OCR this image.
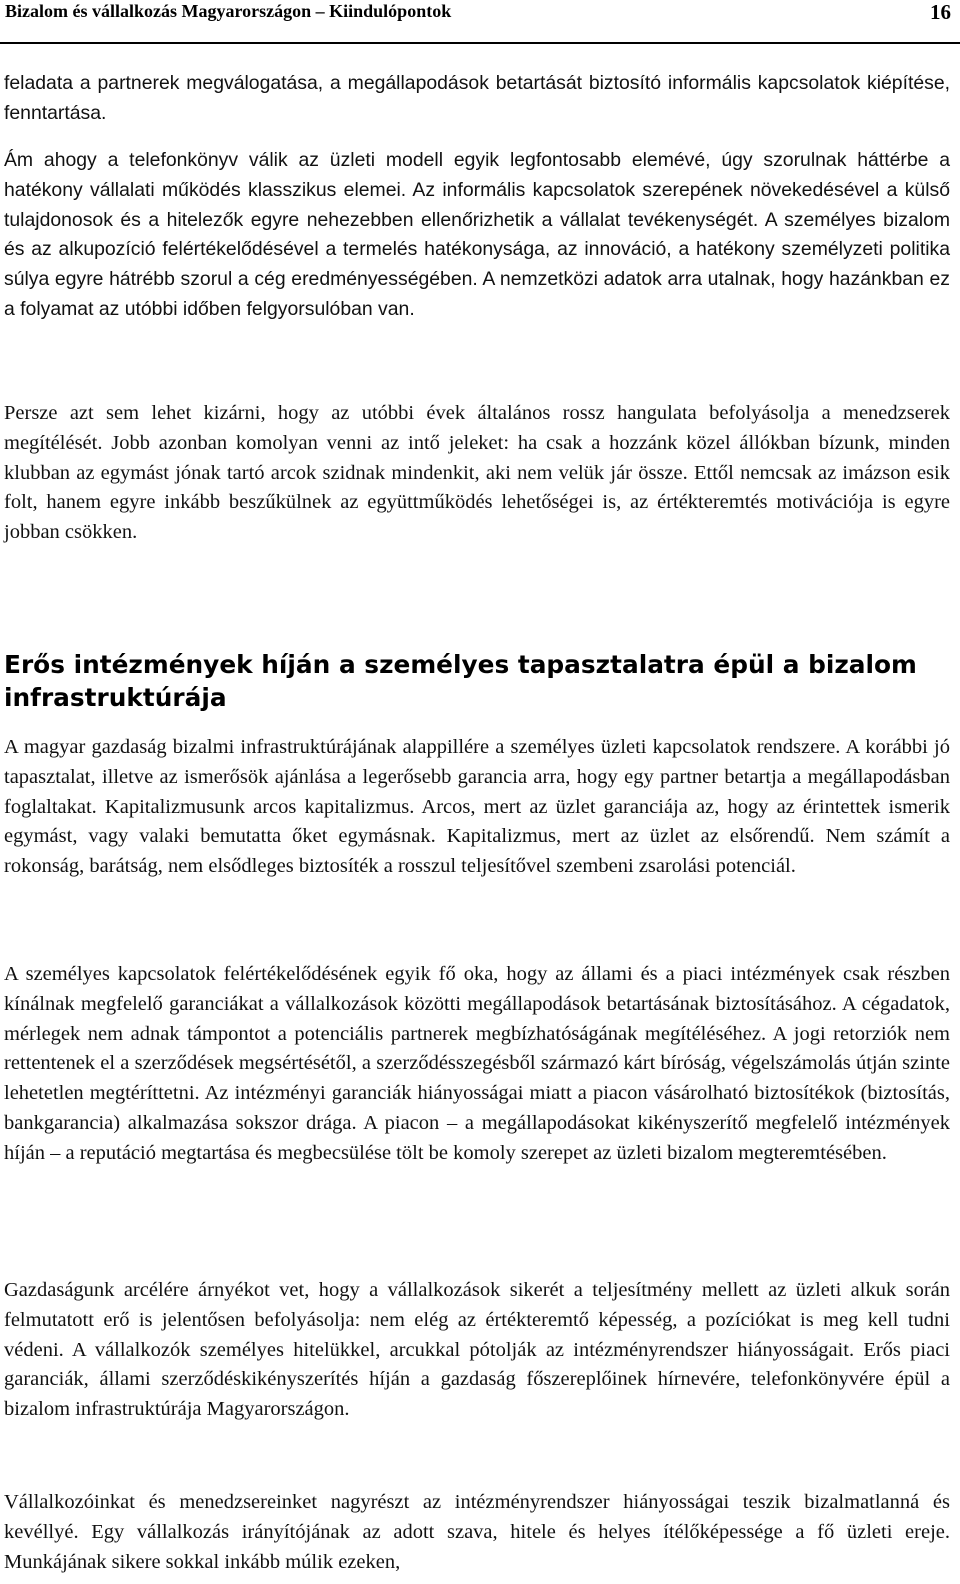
Bizalom és vállalkozás Magyarországon – Kiindulópontok	16

feladata a partnerek megválogatása, a megállapodások betartását biztosító informális kapcsolatok kiépítése, fenntartása.

Ám ahogy a telefonkönyv válik az üzleti modell egyik legfontosabb elemévé, úgy szorulnak háttérbe a hatékony vállalati működés klasszikus elemei. Az informális kapcsolatok szerepének növekedésével a külső tulajdonosok és a hitelezők egyre nehezebben ellenőrizhetik a vállalat tevékenységét. A személyes bizalom és az alkupozíció felértékelődésével a termelés hatékonysága, az innováció, a hatékony személyzeti politika súlya egyre hátrébb szorul a cég eredményességében. A nemzetközi adatok arra utalnak, hogy hazánkban ez a folyamat az utóbbi időben felgyorsulóban van.

Persze azt sem lehet kizárni, hogy az utóbbi évek általános rossz hangulata befolyásolja a menedzserek megítélését. Jobb azonban komolyan venni az intő jeleket: ha csak a hozzánk közel állókban bízunk, minden klubban az egymást jónak tartó arcok szidnak mindenkit, aki nem velük jár össze. Ettől nemcsak az imázson esik folt, hanem egyre inkább beszűkülnek az együttműködés lehetőségei is, az értékteremtés motivációja is egyre jobban csökken.

Erős intézmények híján a személyes tapasztalatra épül a bizalom infrastruktúrája

A magyar gazdaság bizalmi infrastruktúrájának alappillére a személyes üzleti kapcsolatok rendszere. A korábbi jó tapasztalat, illetve az ismerősök ajánlása a legerősebb garancia arra, hogy egy partner betartja a megállapodásban foglaltakat. Kapitalizmusunk arcos kapitalizmus. Arcos, mert az üzlet garanciája az, hogy az érintettek ismerik egymást, vagy valaki bemutatta őket egymásnak. Kapitalizmus, mert az üzlet az elsőrendű. Nem számít a rokonság, barátság, nem elsődleges biztosíték a rosszul teljesítővel szembeni zsarolási potenciál.

A személyes kapcsolatok felértékelődésének egyik fő oka, hogy az állami és a piaci intézmények csak részben kínálnak megfelelő garanciákat a vállalkozások közötti megállapodások betartásának biztosításához. A cégadatok, mérlegek nem adnak támpontot a potenciális partnerek megbízhatóságának megítéléséhez. A jogi retorziók nem rettentenek el a szerződések megsértésétől, a szerződésszegésből származó kárt bíróság, végelszámolás útján szinte lehetetlen megtéríttetni. Az intézményi garanciák hiányosságai miatt a piacon vásárolható biztosítékok (biztosítás, bankgarancia) alkalmazása sokszor drága. A piacon – a megállapodásokat kikényszerítő megfelelő intézmények híján – a reputáció megtartása és megbecsülése tölt be komoly szerepet az üzleti bizalom megteremtésében.

Gazdaságunk arcélére árnyékot vet, hogy a vállalkozások sikerét a teljesítmény mellett az üzleti alkuk során felmutatott erő is jelentősen befolyásolja: nem elég az értékteremtő képesség, a pozíciókat is meg kell tudni védeni. A vállalkozók személyes hitelükkel, arcukkal pótolják az intézményrendszer hiányosságait. Erős piaci garanciák, állami szerződéskikényszerítés híján a gazdaság főszereplőinek hírnevére, telefonkönyvére épül a bizalom infrastruktúrája Magyarországon.

Vállalkozóinkat és menedzsereinket nagyrészt az intézményrendszer hiányosságai teszik bizalmatlanná és kevéllyé. Egy vállalkozás irányítójának az adott szava, hitele és helyes ítélőképessége a fő üzleti ereje. Munkájának sikere sokkal inkább múlik ezeken,
